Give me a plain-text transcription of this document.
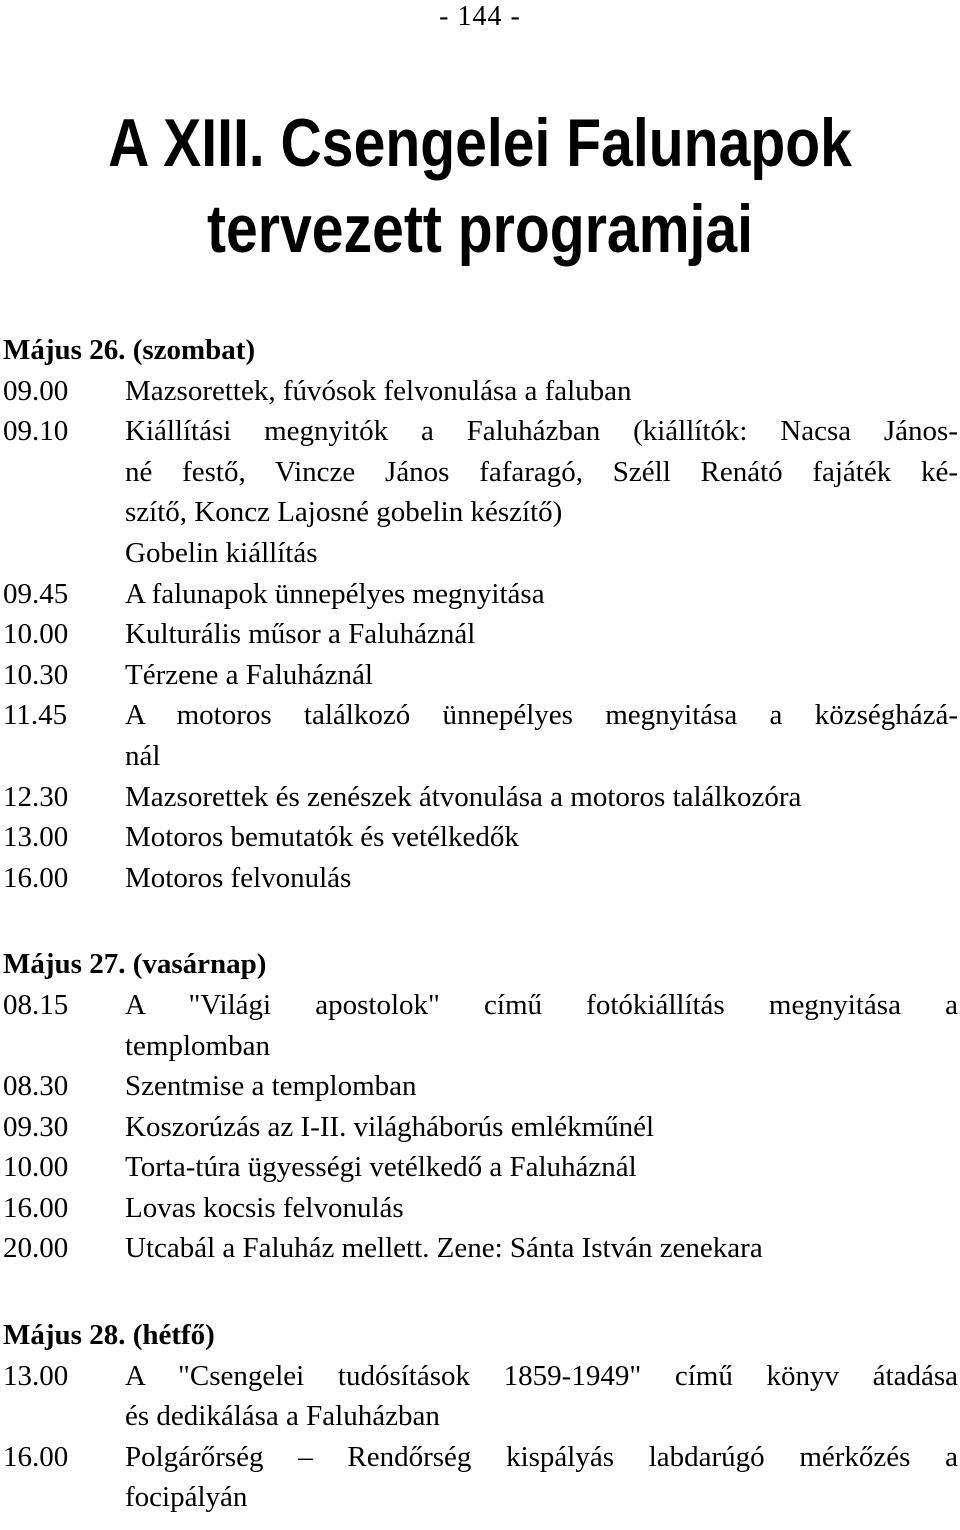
- 144 -
A XIII. Csengelei Falunapok
tervezett programjai
Május 26. (szombat)
09.00	Mazsorettek, fúvósok felvonulása a faluban
09.10	Kiállítási megnyitók a Faluházban (kiállítók: Nacsa János-
né festő, Vincze János fafaragó, Széll Renátó fajáték ké-
szítő, Koncz Lajosné gobelin készítő)
Gobelin kiállítás
09.45	A falunapok ünnepélyes megnyitása
10.00	Kulturális műsor a Faluháznál
10.30	Térzene a Faluháznál
11.45	A motoros találkozó ünnepélyes megnyitása a községházá-
nál
12.30	Mazsorettek és zenészek átvonulása a motoros találkozóra
13.00	Motoros bemutatók és vetélkedők
16.00	Motoros felvonulás
Május 27. (vasárnap)
08.15	A "Világi apostolok" című fotókiállítás megnyitása a
templomban
08.30	Szentmise a templomban
09.30	Koszorúzás az I-II. világháborús emlékműnél
10.00	Torta-túra ügyességi vetélkedő a Faluháznál
16.00	Lovas kocsis felvonulás
20.00	Utcabál a Faluház mellett. Zene: Sánta István zenekara
Május 28. (hétfő)
13.00	A "Csengelei tudósítások 1859-1949" című könyv átadása
és dedikálása a Faluházban
16.00	Polgárőrség – Rendőrség kispályás labdarúgó mérkőzés a
focipályán
